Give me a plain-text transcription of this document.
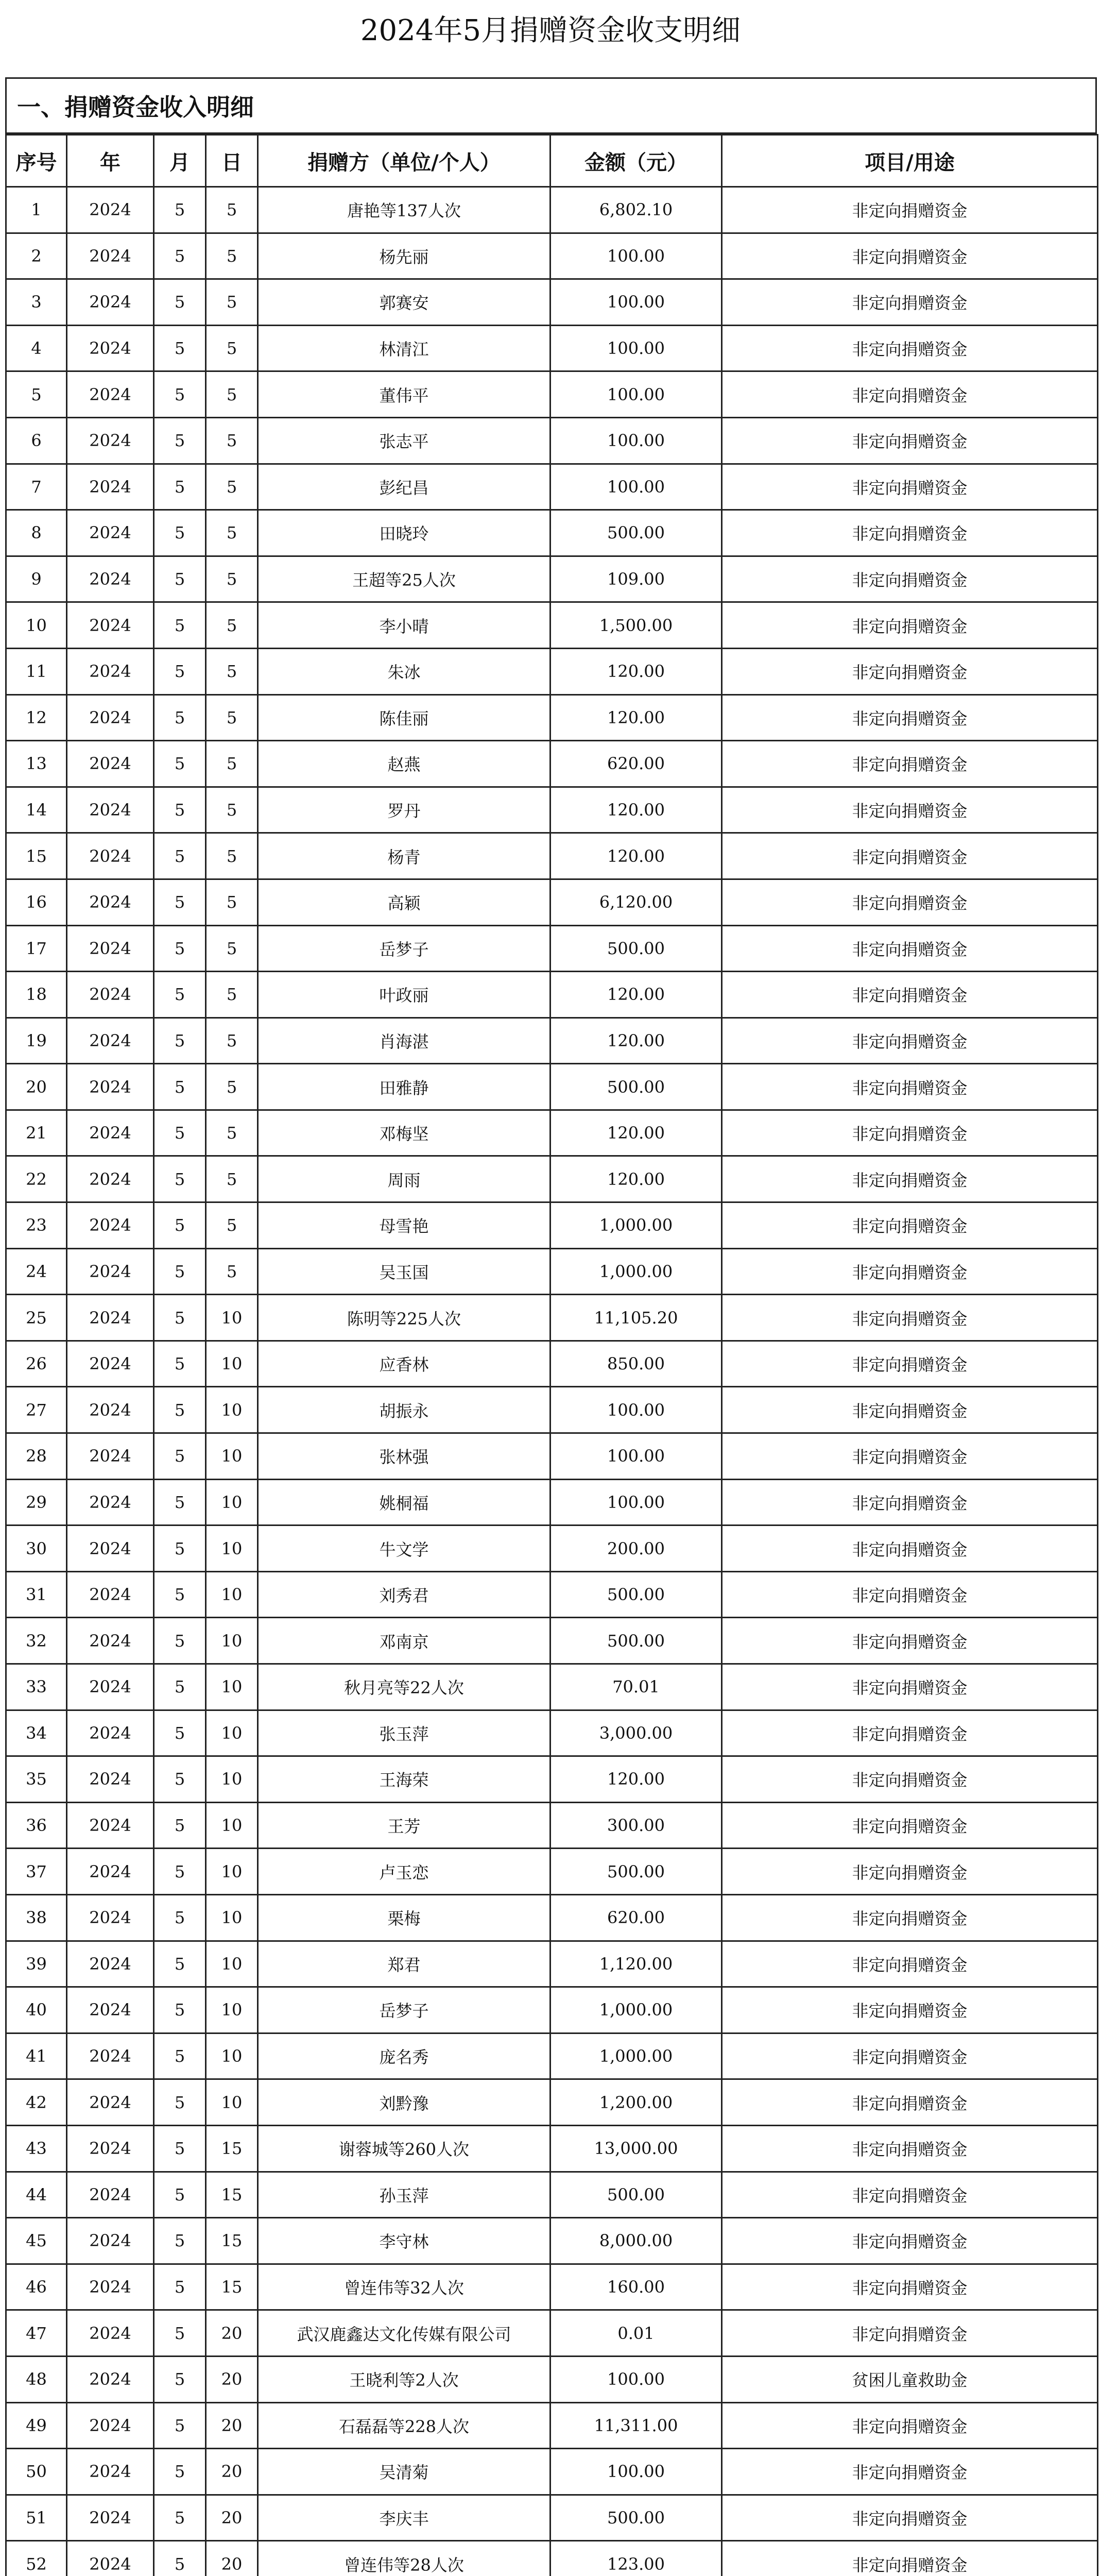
2024年5月捐赠资金收支明细
一、捐赠资金收入明细
序号	年	月	日	捐赠方（单位/个人）	金额（元）	项目/用途
1	2024	5	5	唐艳等137人次	6,802.10	非定向捐赠资金
2	2024	5	5	杨先丽	100.00	非定向捐赠资金
3	2024	5	5	郭赛安	100.00	非定向捐赠资金
4	2024	5	5	林清江	100.00	非定向捐赠资金
5	2024	5	5	董伟平	100.00	非定向捐赠资金
6	2024	5	5	张志平	100.00	非定向捐赠资金
7	2024	5	5	彭纪昌	100.00	非定向捐赠资金
8	2024	5	5	田晓玲	500.00	非定向捐赠资金
9	2024	5	5	王超等25人次	109.00	非定向捐赠资金
10	2024	5	5	李小晴	1,500.00	非定向捐赠资金
11	2024	5	5	朱冰	120.00	非定向捐赠资金
12	2024	5	5	陈佳丽	120.00	非定向捐赠资金
13	2024	5	5	赵燕	620.00	非定向捐赠资金
14	2024	5	5	罗丹	120.00	非定向捐赠资金
15	2024	5	5	杨青	120.00	非定向捐赠资金
16	2024	5	5	高颖	6,120.00	非定向捐赠资金
17	2024	5	5	岳梦子	500.00	非定向捐赠资金
18	2024	5	5	叶政丽	120.00	非定向捐赠资金
19	2024	5	5	肖海湛	120.00	非定向捐赠资金
20	2024	5	5	田雅静	500.00	非定向捐赠资金
21	2024	5	5	邓梅坚	120.00	非定向捐赠资金
22	2024	5	5	周雨	120.00	非定向捐赠资金
23	2024	5	5	母雪艳	1,000.00	非定向捐赠资金
24	2024	5	5	吴玉国	1,000.00	非定向捐赠资金
25	2024	5	10	陈明等225人次	11,105.20	非定向捐赠资金
26	2024	5	10	应香林	850.00	非定向捐赠资金
27	2024	5	10	胡振永	100.00	非定向捐赠资金
28	2024	5	10	张林强	100.00	非定向捐赠资金
29	2024	5	10	姚桐福	100.00	非定向捐赠资金
30	2024	5	10	牛文学	200.00	非定向捐赠资金
31	2024	5	10	刘秀君	500.00	非定向捐赠资金
32	2024	5	10	邓南京	500.00	非定向捐赠资金
33	2024	5	10	秋月亮等22人次	70.01	非定向捐赠资金
34	2024	5	10	张玉萍	3,000.00	非定向捐赠资金
35	2024	5	10	王海荣	120.00	非定向捐赠资金
36	2024	5	10	王芳	300.00	非定向捐赠资金
37	2024	5	10	卢玉恋	500.00	非定向捐赠资金
38	2024	5	10	栗梅	620.00	非定向捐赠资金
39	2024	5	10	郑君	1,120.00	非定向捐赠资金
40	2024	5	10	岳梦子	1,000.00	非定向捐赠资金
41	2024	5	10	庞名秀	1,000.00	非定向捐赠资金
42	2024	5	10	刘黔豫	1,200.00	非定向捐赠资金
43	2024	5	15	谢蓉城等260人次	13,000.00	非定向捐赠资金
44	2024	5	15	孙玉萍	500.00	非定向捐赠资金
45	2024	5	15	李守林	8,000.00	非定向捐赠资金
46	2024	5	15	曾连伟等32人次	160.00	非定向捐赠资金
47	2024	5	20	武汉鹿鑫达文化传媒有限公司	0.01	非定向捐赠资金
48	2024	5	20	王晓利等2人次	100.00	贫困儿童救助金
49	2024	5	20	石磊磊等228人次	11,311.00	非定向捐赠资金
50	2024	5	20	吴清菊	100.00	非定向捐赠资金
51	2024	5	20	李庆丰	500.00	非定向捐赠资金
52	2024	5	20	曾连伟等28人次	123.00	非定向捐赠资金
